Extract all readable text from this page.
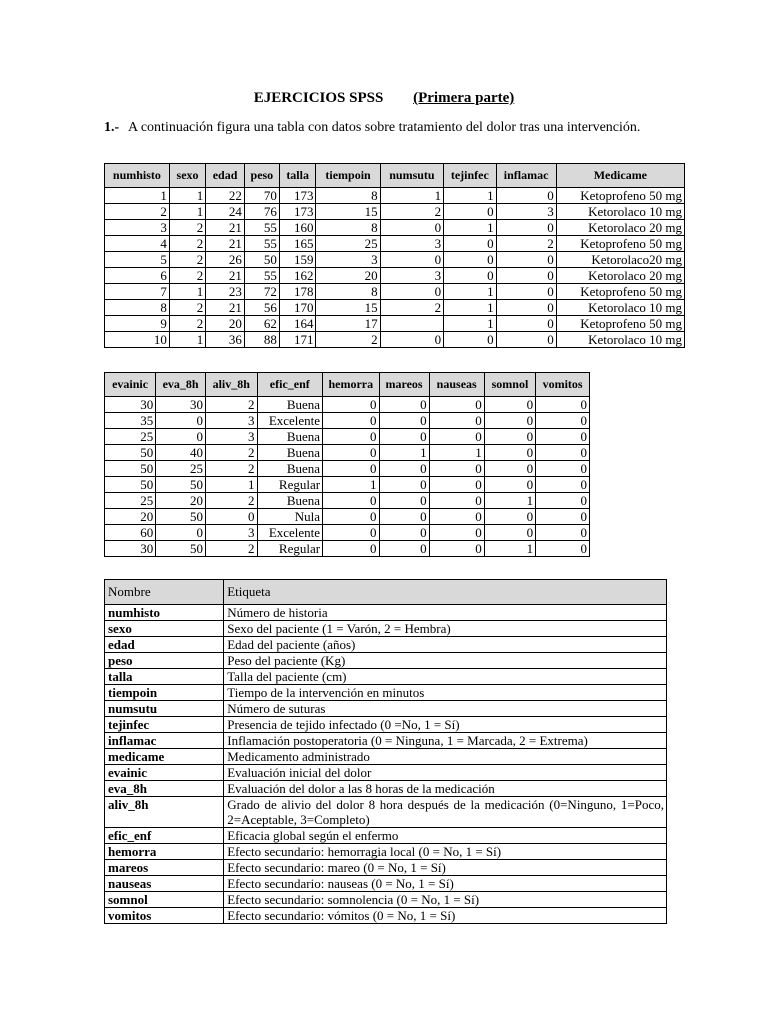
EJERCICIOS SPSS (Primera parte)
1.- A continuación figura una tabla con datos sobre tratamiento del dolor tras una intervención.
numhisto	sexo	edad	peso	talla	tiempoin	numsutu	tejinfec	inflamac	Medicame
1	1	22	70	173	8	1	1	0	Ketoprofeno 50 mg
2	1	24	76	173	15	2	0	3	Ketorolaco 10 mg
3	2	21	55	160	8	0	1	0	Ketorolaco 20 mg
4	2	21	55	165	25	3	0	2	Ketoprofeno 50 mg
5	2	26	50	159	3	0	0	0	Ketorolaco20 mg
6	2	21	55	162	20	3	0	0	Ketorolaco 20 mg
7	1	23	72	178	8	0	1	0	Ketoprofeno 50 mg
8	2	21	56	170	15	2	1	0	Ketorolaco 10 mg
9	2	20	62	164	17		1	0	Ketoprofeno 50 mg
10	1	36	88	171	2	0	0	0	Ketorolaco 10 mg
evainic	eva_8h	aliv_8h	efic_enf	hemorra	mareos	nauseas	somnol	vomitos
30	30	2	Buena	0	0	0	0	0
35	0	3	Excelente	0	0	0	0	0
25	0	3	Buena	0	0	0	0	0
50	40	2	Buena	0	1	1	0	0
50	25	2	Buena	0	0	0	0	0
50	50	1	Regular	1	0	0	0	0
25	20	2	Buena	0	0	0	1	0
20	50	0	Nula	0	0	0	0	0
60	0	3	Excelente	0	0	0	0	0
30	50	2	Regular	0	0	0	1	0
Nombre	Etiqueta
numhisto	Número de historia
sexo	Sexo del paciente (1 = Varón, 2 = Hembra)
edad	Edad del paciente (años)
peso	Peso del paciente (Kg)
talla	Talla del paciente (cm)
tiempoin	Tiempo de la intervención en minutos
numsutu	Número de suturas
tejinfec	Presencia de tejido infectado (0 =No, 1 = Sí)
inflamac	Inflamación postoperatoria (0 = Ninguna, 1 = Marcada, 2 = Extrema)
medicame	Medicamento administrado
evainic	Evaluación inicial del dolor
eva_8h	Evaluación del dolor a las 8 horas de la medicación
aliv_8h	Grado de alivio del dolor 8 hora después de la medicación (0=Ninguno, 1=Poco, 2=Aceptable, 3=Completo)
efic_enf	Eficacia global según el enfermo
hemorra	Efecto secundario: hemorragia local (0 = No, 1 = Sí)
mareos	Efecto secundario: mareo (0 = No, 1 = Sí)
nauseas	Efecto secundario: nauseas (0 = No, 1 = Sí)
somnol	Efecto secundario: somnolencia (0 = No, 1 = Sí)
vomitos	Efecto secundario: vómitos (0 = No, 1 = Sí)
